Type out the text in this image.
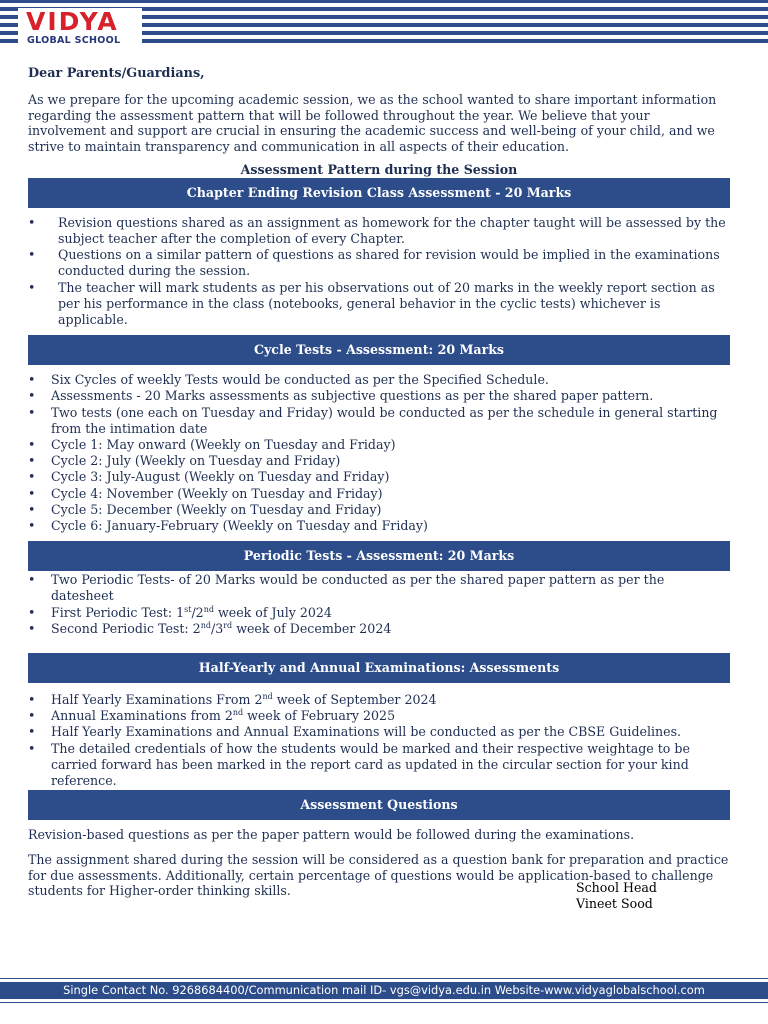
VIDYA
GLOBAL SCHOOL
Dear Parents/Guardians,

As we prepare for the upcoming academic session, we as the school wanted to share important information regarding the assessment pattern that will be followed throughout the year. We believe that your involvement and support are crucial in ensuring the academic success and well-being of your child, and we strive to maintain transparency and communication in all aspects of their education.

Assessment Pattern during the Session
Chapter Ending Revision Class Assessment - 20 Marks
• Revision questions shared as an assignment as homework for the chapter taught will be assessed by the subject teacher after the completion of every Chapter.
• Questions on a similar pattern of questions as shared for revision would be implied in the examinations conducted during the session.
• The teacher will mark students as per his observations out of 20 marks in the weekly report section as per his performance in the class (notebooks, general behavior in the cyclic tests) whichever is applicable.
Cycle Tests - Assessment: 20 Marks
• Six Cycles of weekly Tests would be conducted as per the Specified Schedule.
• Assessments - 20 Marks assessments as subjective questions as per the shared paper pattern.
• Two tests (one each on Tuesday and Friday) would be conducted as per the schedule in general starting from the intimation date
• Cycle 1: May onward (Weekly on Tuesday and Friday)
• Cycle 2: July (Weekly on Tuesday and Friday)
• Cycle 3: July-August (Weekly on Tuesday and Friday)
• Cycle 4: November (Weekly on Tuesday and Friday)
• Cycle 5: December (Weekly on Tuesday and Friday)
• Cycle 6: January-February (Weekly on Tuesday and Friday)
Periodic Tests - Assessment: 20 Marks
• Two Periodic Tests- of 20 Marks would be conducted as per the shared paper pattern as per the datesheet
• First Periodic Test: 1st/2nd week of July 2024
• Second Periodic Test: 2nd/3rd week of December 2024
Half-Yearly and Annual Examinations: Assessments
• Half Yearly Examinations From 2nd week of September 2024
• Annual Examinations from 2nd week of February 2025
• Half Yearly Examinations and Annual Examinations will be conducted as per the CBSE Guidelines.
• The detailed credentials of how the students would be marked and their respective weightage to be carried forward has been marked in the report card as updated in the circular section for your kind reference.
Assessment Questions

Revision-based questions as per the paper pattern would be followed during the examinations.

The assignment shared during the session will be considered as a question bank for preparation and practice for due assessments. Additionally, certain percentage of questions would be application-based to challenge students for Higher-order thinking skills.	School Head
Vineet Sood
Single Contact No. 9268684400/Communication mail ID- vgs@vidya.edu.in Website-www.vidyaglobalschool.com
